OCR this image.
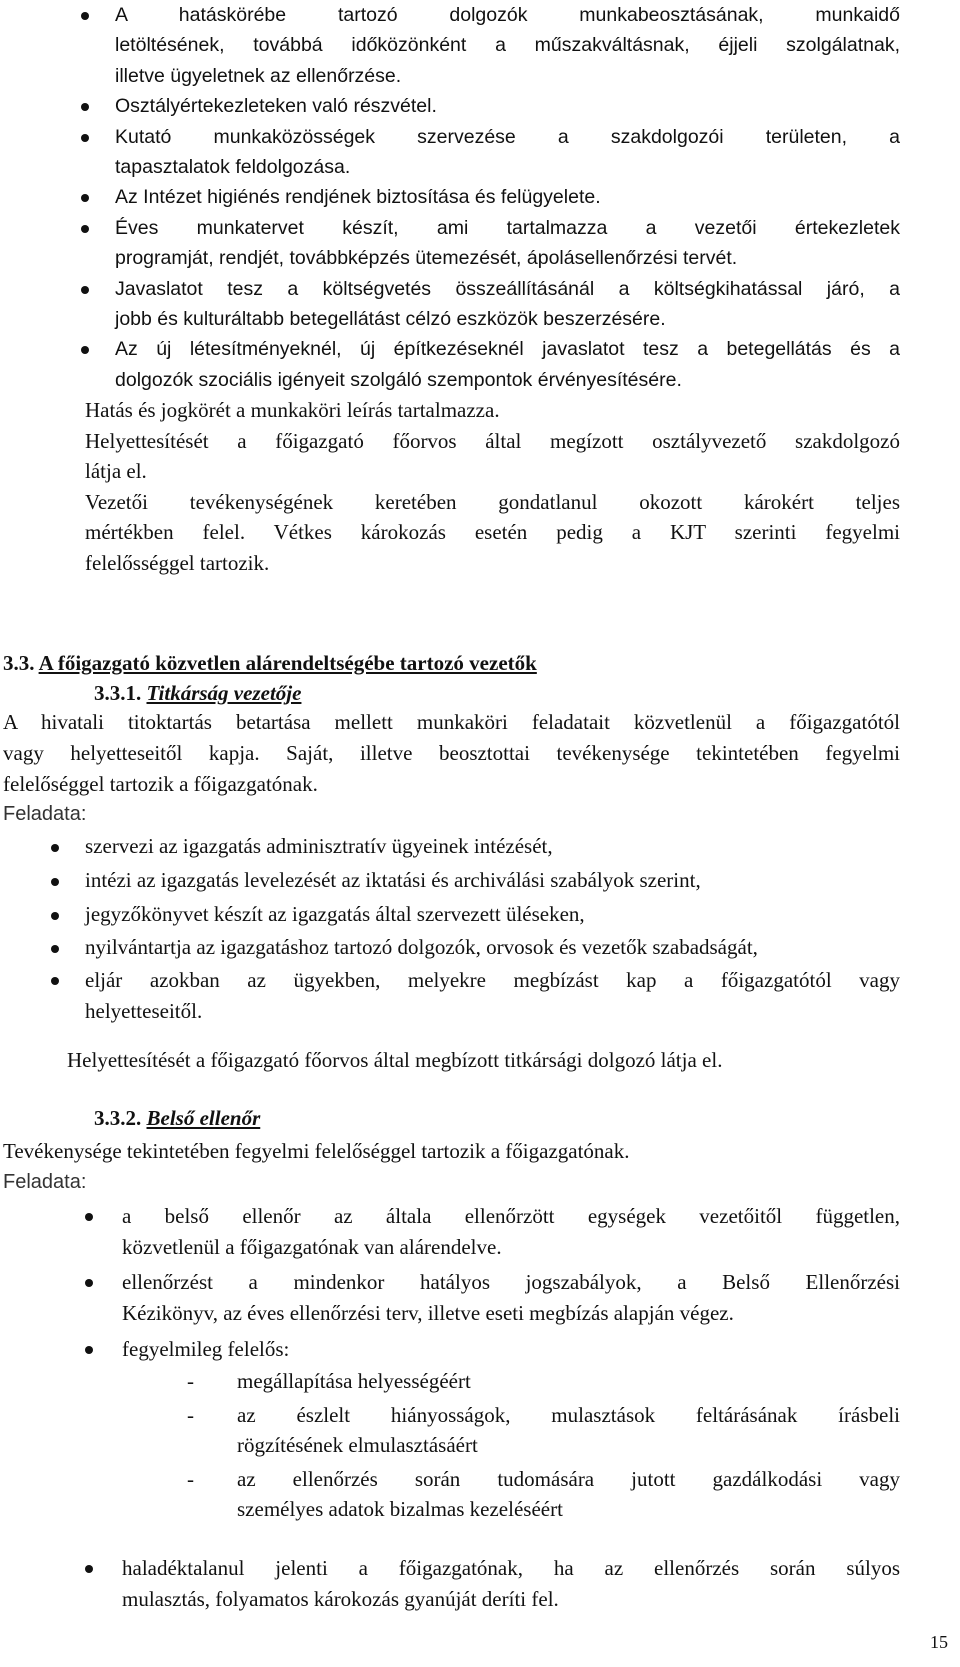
A hatáskörébe tartozó dolgozók munkabeosztásának, munkaidő
letöltésének, továbbá időközönként a műszakváltásnak, éjjeli szolgálatnak,
illetve ügyeletnek az ellenőrzése.
Osztályértekezleteken való részvétel.
Kutató munkaközösségek szervezése a szakdolgozói területen, a
tapasztalatok feldolgozása.
Az Intézet higiénés rendjének biztosítása és felügyelete.
Éves munkatervet készít, ami tartalmazza a vezetői értekezletek
programját, rendjét, továbbképzés ütemezését, ápolásellenőrzési tervét.
Javaslatot tesz a költségvetés összeállításánál a költségkihatással járó, a
jobb és kulturáltabb betegellátást célzó eszközök beszerzésére.
Az új létesítményeknél, új építkezéseknél javaslatot tesz a betegellátás és a
dolgozók szociális igényeit szolgáló szempontok érvényesítésére.
Hatás és jogkörét a munkaköri leírás tartalmazza.
Helyettesítését a főigazgató főorvos által megízott osztályvezető szakdolgozó
látja el.
Vezetői tevékenységének keretében gondatlanul okozott károkért teljes
mértékben felel. Vétkes károkozás esetén pedig a KJT szerinti fegyelmi
felelősséggel tartozik.
3.3. A főigazgató közvetlen alárendeltségébe tartozó vezetők
3.3.1. Titkárság vezetője
A hivatali titoktartás betartása mellett munkaköri feladatait közvetlenül a főigazgatótól
vagy helyetteseitől kapja. Saját, illetve beosztottai tevékenysége tekintetében fegyelmi
felelőséggel tartozik a főigazgatónak.
Feladata:
szervezi az igazgatás adminisztratív ügyeinek intézését,
intézi az igazgatás levelezését az iktatási és archiválási szabályok szerint,
jegyzőkönyvet készít az igazgatás által szervezett üléseken,
nyilvántartja az igazgatáshoz tartozó dolgozók, orvosok és vezetők szabadságát,
eljár azokban az ügyekben, melyekre megbízást kap a főigazgatótól vagy
helyetteseitől.
Helyettesítését a főigazgató főorvos által megbízott titkársági dolgozó látja el.
3.3.2. Belső ellenőr
Tevékenysége tekintetében fegyelmi felelőséggel tartozik a főigazgatónak.
Feladata:
a belső ellenőr az általa ellenőrzött egységek vezetőitől független,
közvetlenül a főigazgatónak van alárendelve.
ellenőrzést a mindenkor hatályos jogszabályok, a Belső Ellenőrzési
Kézikönyv, az éves ellenőrzési terv, illetve eseti megbízás alapján végez.
fegyelmileg felelős:
- megállapítása helyességéért
- az észlelt hiányosságok, mulasztások feltárásának írásbeli
rögzítésének elmulasztásáért
- az ellenőrzés során tudomására jutott gazdálkodási vagy
személyes adatok bizalmas kezeléséért
haladéktalanul jelenti a főigazgatónak, ha az ellenőrzés során súlyos
mulasztás, folyamatos károkozás gyanúját deríti fel.
15
